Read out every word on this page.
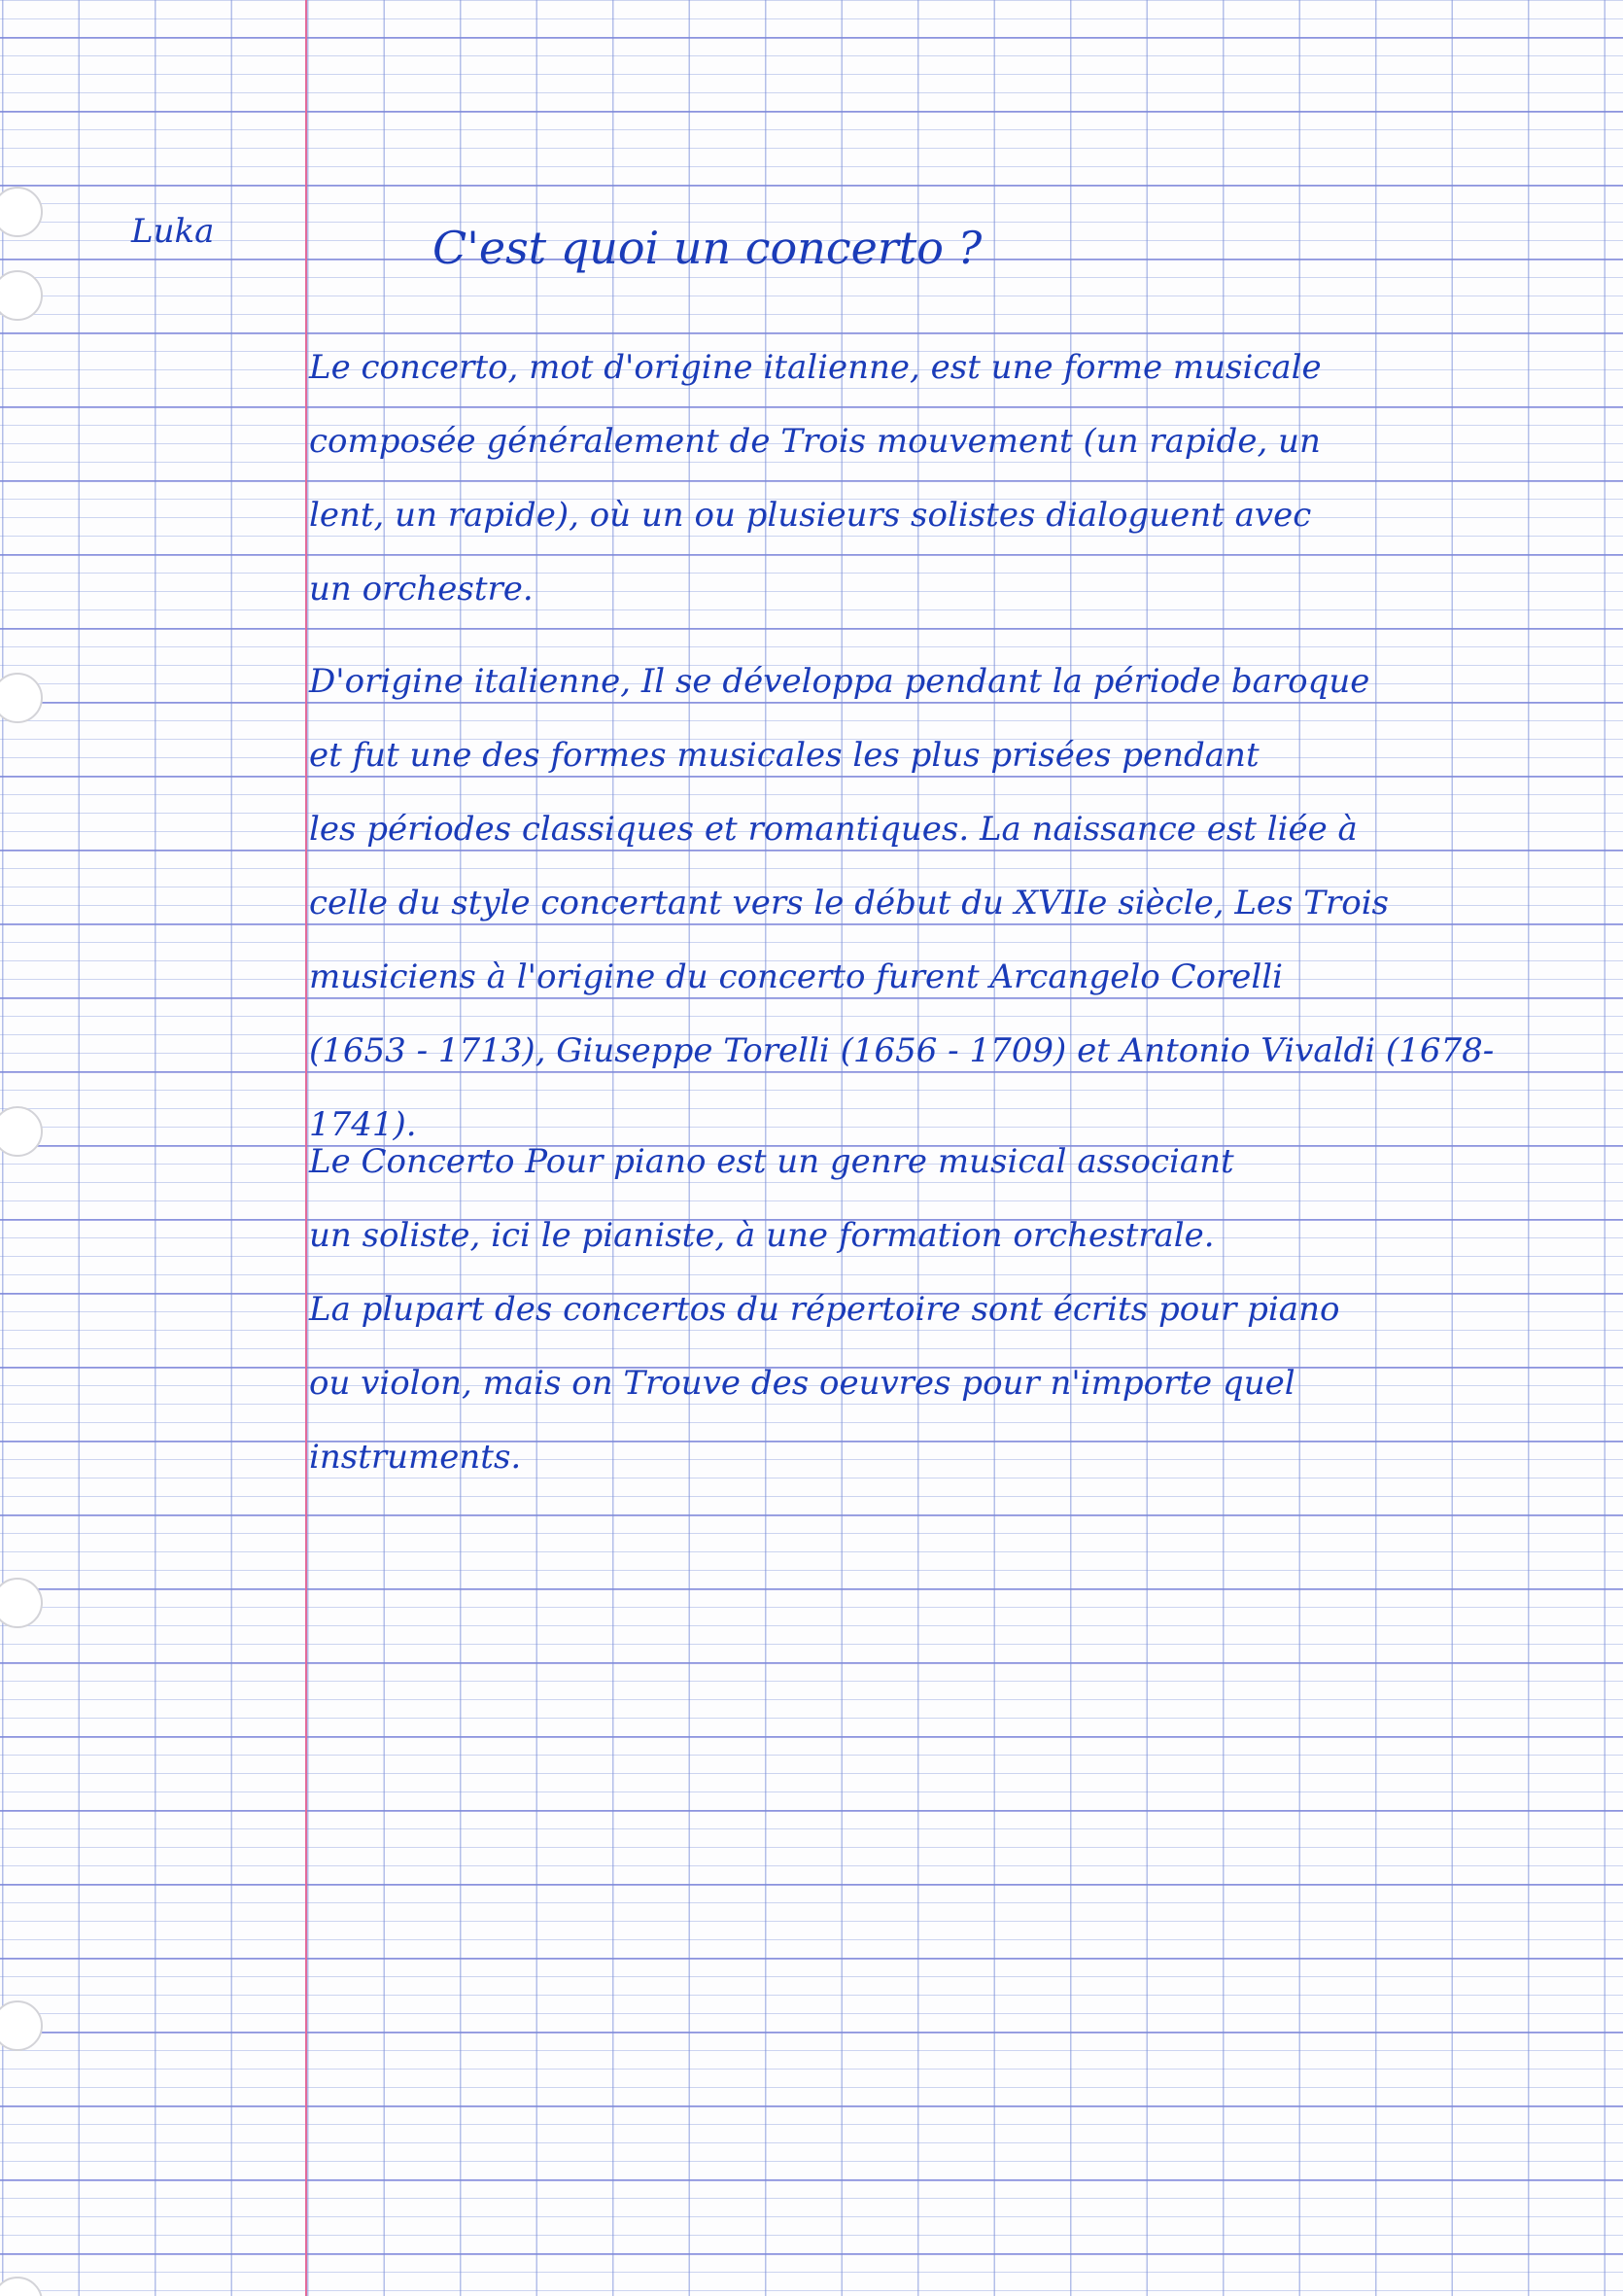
Luka	C'est quoi un concerto ?

Le concerto, mot d'origine italienne, est une forme musicale
composée généralement de Trois mouvement (un rapide, un
lent, un rapide), où un ou plusieurs solistes dialoguent avec
un orchestre.
D'origine italienne, Il se développa pendant la période baroque
et fut une des formes musicales les plus prisées pendant
les périodes classiques et romantiques. La naissance est liée à
celle du style concertant vers le début du XVIIe siècle, Les Trois
musiciens à l'origine du concerto furent Arcangelo Corelli
(1653 - 1713), Giuseppe Torelli (1656 - 1709) et Antonio Vivaldi (1678-
1741).
Le Concerto Pour piano est un genre musical associant
un soliste, ici le pianiste, à une formation orchestrale.
La plupart des concertos du répertoire sont écrits pour piano
ou violon, mais on Trouve des oeuvres pour n'importe quel
instruments.
